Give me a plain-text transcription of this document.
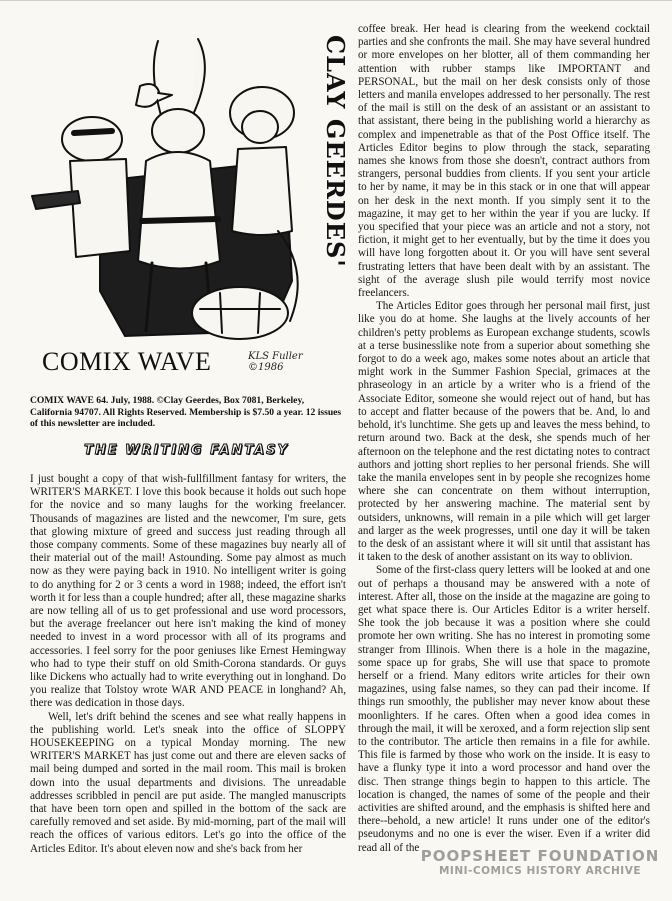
CLAY GEERDES'
COMIX WAVE	KLS Fuller
©1986
COMIX WAVE 64. July, 1988. ©Clay Geerdes, Box 7081, Berkeley, California 94707. All Rights Reserved. Membership is $7.50 a year. 12 issues of this newsletter are included.
THE WRITING FANTASY

I just bought a copy of that wish-fullfillment fantasy for writers, the WRITER'S MARKET. I love this book because it holds out such hope for the novice and so many laughs for the working freelancer. Thousands of magazines are listed and the newcomer, I'm sure, gets that glowing mixture of greed and success just reading through all those company comments. Some of these magazines buy nearly all of their material out of the mail! Astounding. Some pay almost as much now as they were paying back in 1910. No intelligent writer is going to do anything for 2 or 3 cents a word in 1988; indeed, the effort isn't worth it for less than a couple hundred; after all, these magazine sharks are now telling all of us to get professional and use word processors, but the average freelancer out here isn't making the kind of money needed to invest in a word processor with all of its programs and accessories. I feel sorry for the poor geniuses like Ernest Hemingway who had to type their stuff on old Smith-Corona standards. Or guys like Dickens who actually had to write everything out in longhand. Do you realize that Tolstoy wrote WAR AND PEACE in longhand? Ah, there was dedication in those days.

Well, let's drift behind the scenes and see what really happens in the publishing world. Let's sneak into the office of SLOPPY HOUSEKEEPING on a typical Monday morning. The new WRITER'S MARKET has just come out and there are eleven sacks of mail being dumped and sorted in the mail room. This mail is broken down into the usual departments and divisions. The unreadable addresses scribbled in pencil are put aside. The mangled manuscripts that have been torn open and spilled in the bottom of the sack are carefully removed and set aside. By mid-morning, part of the mail will reach the offices of various editors. Let's go into the office of the Articles Editor. It's about eleven now and she's back from her

coffee break. Her head is clearing from the weekend cocktail parties and she confronts the mail. She may have several hundred or more envelopes on her blotter, all of them commanding her attention with rubber stamps like IMPORTANT and PERSONAL, but the mail on her desk consists only of those letters and manila envelopes addressed to her personally. The rest of the mail is still on the desk of an assistant or an assistant to that assistant, there being in the publishing world a hierarchy as complex and impenetrable as that of the Post Office itself. The Articles Editor begins to plow through the stack, separating names she knows from those she doesn't, contract authors from strangers, personal buddies from clients. If you sent your article to her by name, it may be in this stack or in one that will appear on her desk in the next month. If you simply sent it to the magazine, it may get to her within the year if you are lucky. If you specified that your piece was an article and not a story, not fiction, it might get to her eventually, but by the time it does you will have long forgotten about it. Or you will have sent several frustrating letters that have been dealt with by an assistant. The sight of the average slush pile would terrify most novice freelancers.

The Articles Editor goes through her personal mail first, just like you do at home. She laughs at the lively accounts of her children's petty problems as European exchange students, scowls at a terse businesslike note from a superior about something she forgot to do a week ago, makes some notes about an article that might work in the Summer Fashion Special, grimaces at the phraseology in an article by a writer who is a friend of the Associate Editor, someone she would reject out of hand, but has to accept and flatter because of the powers that be. And, lo and behold, it's lunchtime. She gets up and leaves the mess behind, to return around two. Back at the desk, she spends much of her afternoon on the telephone and the rest dictating notes to contract authors and jotting short replies to her personal friends. She will take the manila envelopes sent in by people she recognizes home where she can concentrate on them without interruption, protected by her answering machine. The material sent by outsiders, unknowns, will remain in a pile which will get larger and larger as the week progresses, until one day it will be taken to the desk of an assistant where it will sit until that assistant has it taken to the desk of another assistant on its way to oblivion.

Some of the first-class query letters will be looked at and one out of perhaps a thousand may be answered with a note of interest. After all, those on the inside at the magazine are going to get what space there is. Our Articles Editor is a writer herself. She took the job because it was a position where she could promote her own writing. She has no interest in promoting some stranger from Illinois. When there is a hole in the magazine, some space up for grabs, She will use that space to promote herself or a friend. Many editors write articles for their own magazines, using false names, so they can pad their income. If things run smoothly, the publisher may never know about these moonlighters. If he cares. Often when a good idea comes in through the mail, it will be xeroxed, and a form rejection slip sent to the contributor. The article then remains in a file for awhile. This file is farmed by those who work on the inside. It is easy to have a flunky type it into a word processor and hand over the disc. Then strange things begin to happen to this article. The location is changed, the names of some of the people and their activities are shifted around, and the emphasis is shifted here and there--behold, a new article! It runs under one of the editor's pseudonyms and no one is ever the wiser. Even if a writer did read all of the POOPSHEET FOUNDATION
MINI-COMICS HISTORY ARCHIVE
